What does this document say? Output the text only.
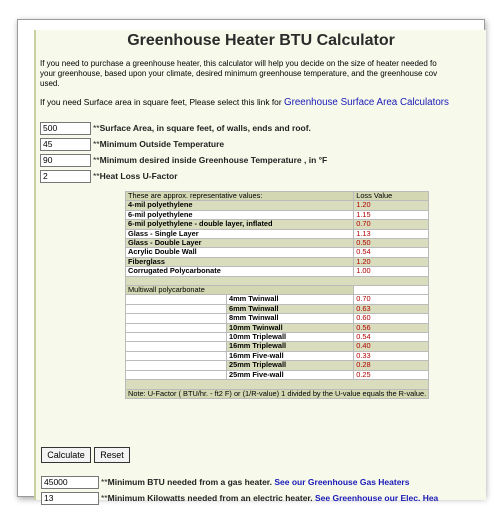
Greenhouse Heater BTU Calculator
If you need to purchase a greenhouse heater, this calculator will help you decide on the size of heater needed fo
your greenhouse, based upon your climate, desired minimum greenhouse temperature, and the greenhouse cov
used.
If you need Surface area in square feet, Please select this link for Greenhouse Surface Area Calculators
500	**Surface Area, in square feet, of walls, ends and roof.
45	**Minimum Outside Temperature
90	**Minimum desired inside Greenhouse Temperature , in °F
2	**Heat Loss U-Factor
These are approx. representative values:		Loss Value
4-mil polyethylene		1.20
6-mil polyethylene		1.15
6-mil polyethylene - double layer, inflated		0.70
Glass - Single Layer		1.13
Glass - Double Layer		0.50
Acrylic Double Wall		0.54
Fiberglass		1.20
Corrugated Polycarbonate		1.00

Multiwall polycarbonate		
	4mm Twinwall	0.70
	6mm Twinwall	0.63
	8mm Twinwall	0.60
	10mm Twinwall	0.56
	10mm Triplewall	0.54
	16mm Triplewall	0.40
	16mm Five-wall	0.33
	25mm Triplewall	0.28
	25mm Five-wall	0.25

Note: U-Factor ( BTU/hr. - ft2 F) or (1/R-value) 1 divided by the U-value equals the R-value.		
Calculate	Reset
45000	**Minimum BTU needed from a gas heater. See our Greenhouse Gas Heaters
13	**Minimum Kilowatts needed from an electric heater. See Greenhouse our Elec. Hea
